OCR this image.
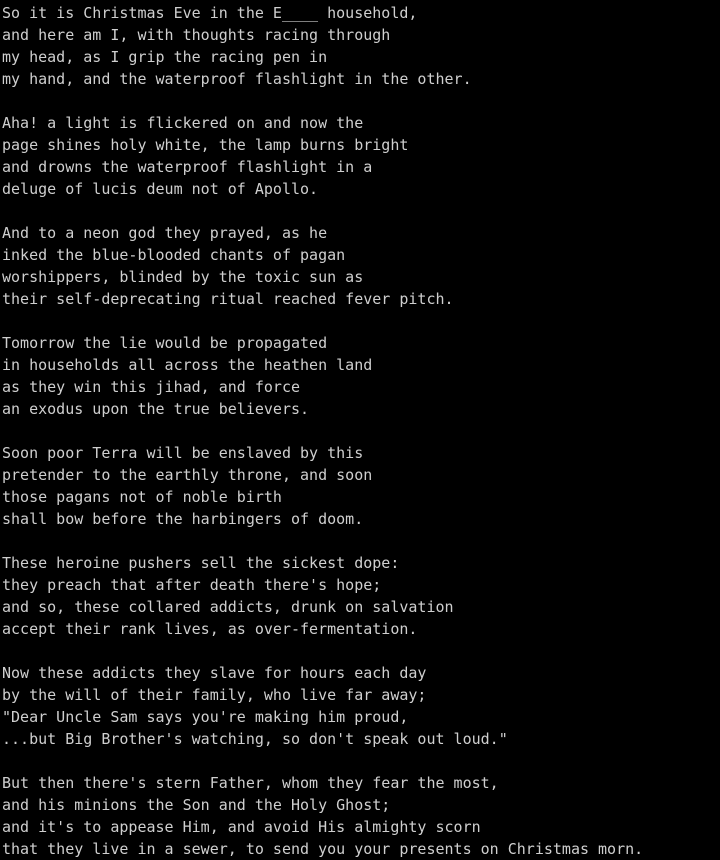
So it is Christmas Eve in the E____ household,
and here am I, with thoughts racing through
my head, as I grip the racing pen in
my hand, and the waterproof flashlight in the other.
Aha! a light is flickered on and now the
page shines holy white, the lamp burns bright
and drowns the waterproof flashlight in a
deluge of lucis deum not of Apollo.
And to a neon god they prayed, as he
inked the blue-blooded chants of pagan
worshippers, blinded by the toxic sun as
their self-deprecating ritual reached fever pitch.
Tomorrow the lie would be propagated
in households all across the heathen land
as they win this jihad, and force
an exodus upon the true believers.
Soon poor Terra will be enslaved by this
pretender to the earthly throne, and soon
those pagans not of noble birth
shall bow before the harbingers of doom.
These heroine pushers sell the sickest dope:
they preach that after death there's hope;
and so, these collared addicts, drunk on salvation
accept their rank lives, as over-fermentation.
Now these addicts they slave for hours each day
by the will of their family, who live far away;
"Dear Uncle Sam says you're making him proud,
...but Big Brother's watching, so don't speak out loud."
But then there's stern Father, whom they fear the most,
and his minions the Son and the Holy Ghost;
and it's to appease Him, and avoid His almighty scorn
that they live in a sewer, to send you your presents on Christmas morn.
